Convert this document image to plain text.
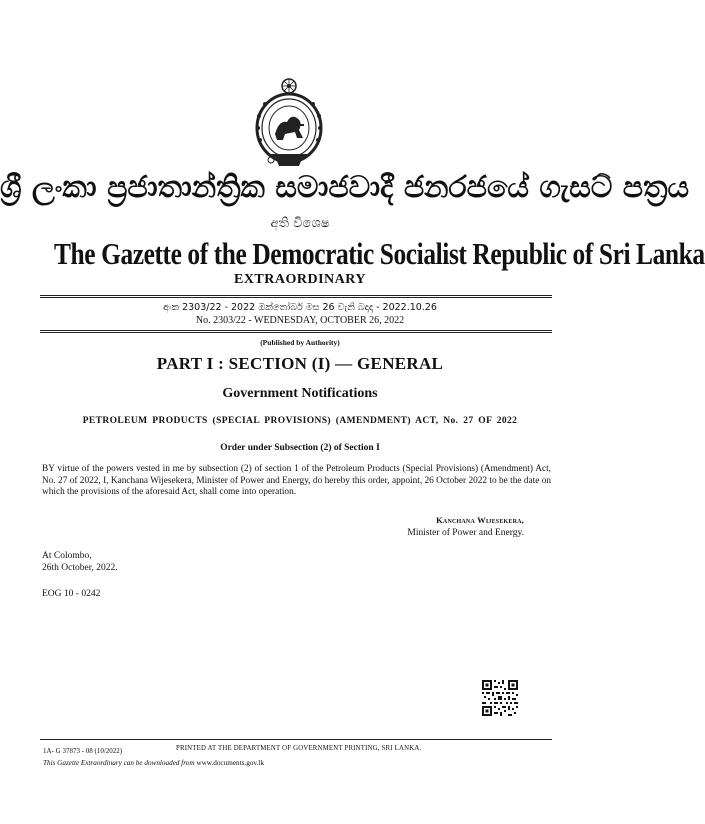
ශ්‍රී ලංකා ප්‍රජාතාන්ත්‍රික සමාජවාදී ජනරජයේ ගැසට් පත්‍රය
අති විශෙෂ
The Gazette of the Democratic Socialist Republic of Sri Lanka
EXTRAORDINARY
අංක 2303/22 - 2022 ඔක්තෝබර් මස 26 වැනි බදාදා - 2022.10.26
No. 2303/22 - WEDNESDAY, OCTOBER 26, 2022
(Published by Authority)
PART I : SECTION (I) — GENERAL
Government Notifications
PETROLEUM PRODUCTS (SPECIAL PROVISIONS) (AMENDMENT) ACT, No. 27 OF 2022
Order under Subsection (2) of Section I
BY virtue of the powers vested in me by subsection (2) of section 1 of the Petroleum Products (Special Provisions) (Amendment) Act, No. 27 of 2022, I, Kanchana Wijesekera, Minister of Power and Energy, do hereby this order, appoint, 26 October 2022 to be the date on which the provisions of the aforesaid Act, shall come into operation.
Kanchana Wijesekera,
Minister of Power and Energy.
At Colombo,
26th October, 2022.
EOG 10 - 0242
1A- G 37873 - 08 (10/2022)	PRINTED AT THE DEPARTMENT OF GOVERNMENT PRINTING, SRI LANKA.
This Gazette Extraordinary can be downloaded from www.documents.gov.lk
